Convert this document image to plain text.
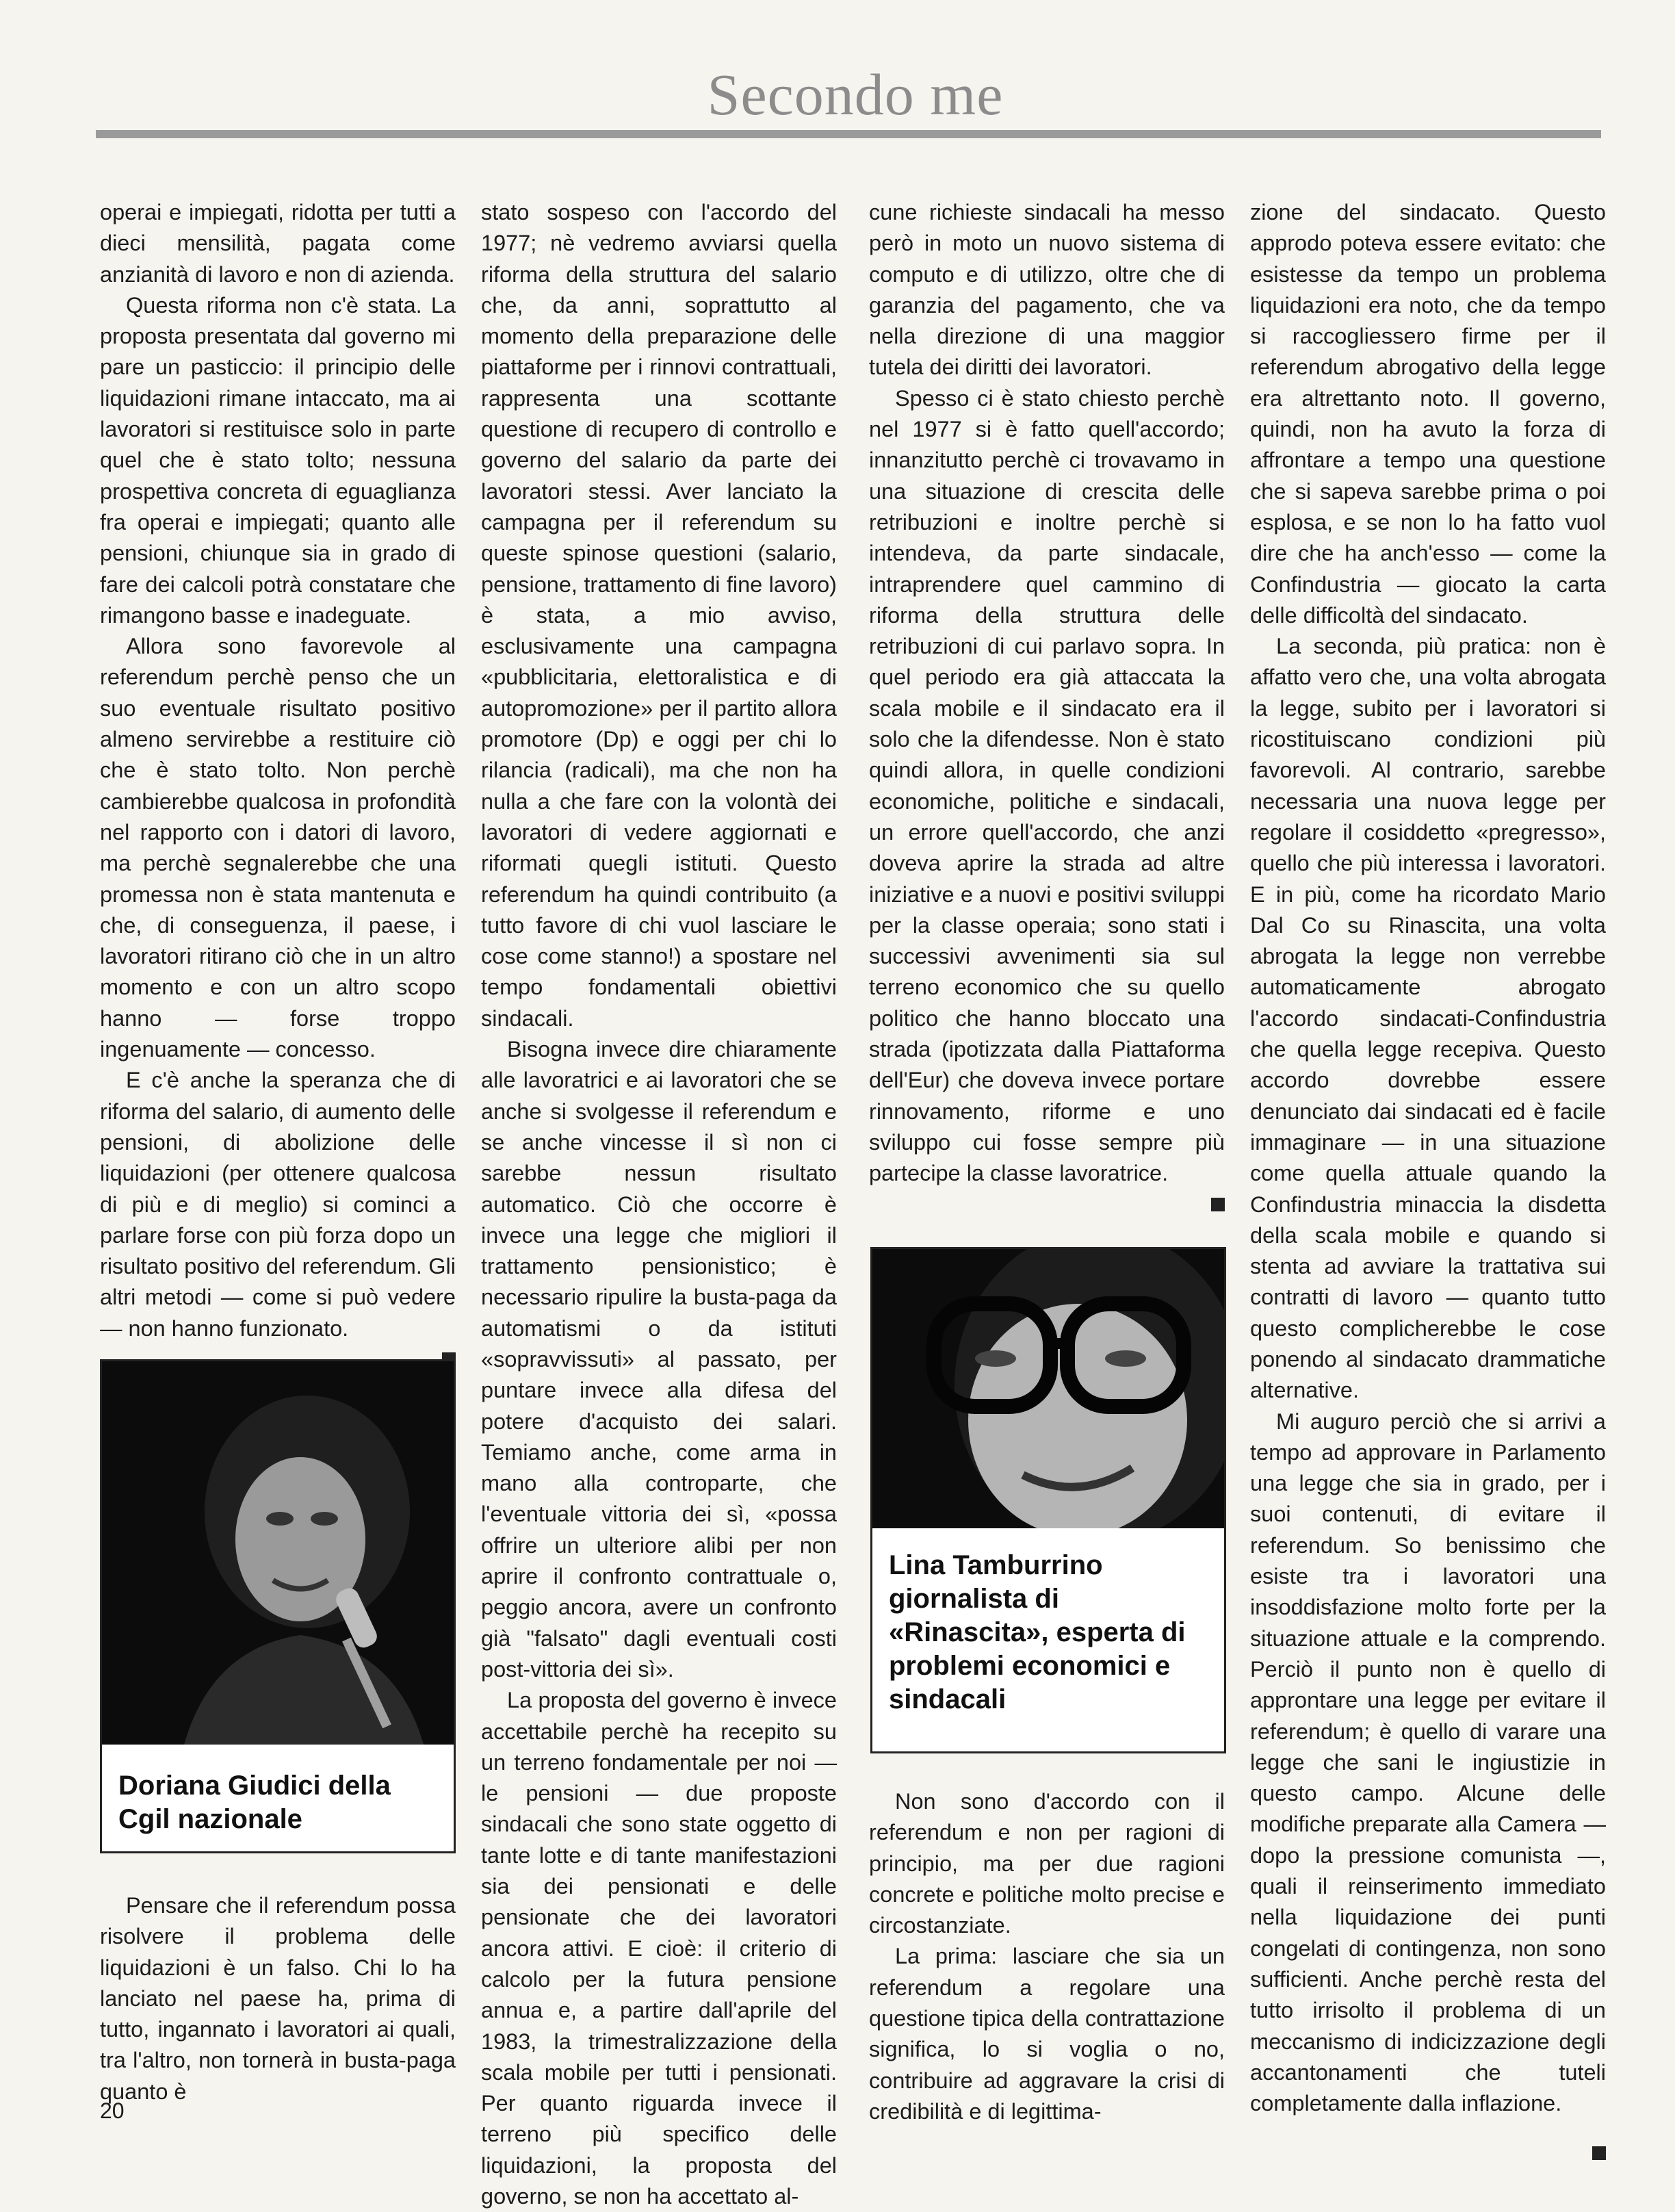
Secondo me

operai e impiegati, ridotta per tutti a dieci mensilità, pagata come anzianità di lavoro e non di azienda.

Questa riforma non c'è stata. La proposta presentata dal governo mi pare un pasticcio: il principio delle liquidazioni rimane intaccato, ma ai lavoratori si restituisce solo in parte quel che è stato tolto; nessuna prospettiva concreta di eguaglianza fra operai e impiegati; quanto alle pensioni, chiunque sia in grado di fare dei calcoli potrà constatare che rimangono basse e inadeguate.

Allora sono favorevole al referendum perchè penso che un suo eventuale risultato positivo almeno servirebbe a restituire ciò che è stato tolto. Non perchè cambierebbe qualcosa in profondità nel rapporto con i datori di lavoro, ma perchè segnalerebbe che una promessa non è stata mantenuta e che, di conseguenza, il paese, i lavoratori ritirano ciò che in un altro momento e con un altro scopo hanno — forse troppo ingenuamente — concesso.

E c'è anche la speranza che di riforma del salario, di aumento delle pensioni, di abolizione delle liquidazioni (per ottenere qualcosa di più e di meglio) si cominci a parlare forse con più forza dopo un risultato positivo del referendum. Gli altri metodi — come si può vedere — non hanno funzionato.

Doriana Giudici della Cgil nazionale

Pensare che il referendum possa risolvere il problema delle liquidazioni è un falso. Chi lo ha lanciato nel paese ha, prima di tutto, ingannato i lavoratori ai quali, tra l'altro, non tornerà in busta-paga quanto è

stato sospeso con l'accordo del 1977; nè vedremo avviarsi quella riforma della struttura del salario che, da anni, soprattutto al momento della preparazione delle piattaforme per i rinnovi contrattuali, rappresenta una scottante questione di recupero di controllo e governo del salario da parte dei lavoratori stessi. Aver lanciato la campagna per il referendum su queste spinose questioni (salario, pensione, trattamento di fine lavoro) è stata, a mio avviso, esclusivamente una campagna «pubblicitaria, elettoralistica e di autopromozione» per il partito allora promotore (Dp) e oggi per chi lo rilancia (radicali), ma che non ha nulla a che fare con la volontà dei lavoratori di vedere aggiornati e riformati quegli istituti. Questo referendum ha quindi contribuito (a tutto favore di chi vuol lasciare le cose come stanno!) a spostare nel tempo fondamentali obiettivi sindacali.

Bisogna invece dire chiaramente alle lavoratrici e ai lavoratori che se anche si svolgesse il referendum e se anche vincesse il sì non ci sarebbe nessun risultato automatico. Ciò che occorre è invece una legge che migliori il trattamento pensionistico; è necessario ripulire la busta-paga da automatismi o da istituti «sopravvissuti» al passato, per puntare invece alla difesa del potere d'acquisto dei salari. Temiamo anche, come arma in mano alla controparte, che l'eventuale vittoria dei sì, «possa offrire un ulteriore alibi per non aprire il confronto contrattuale o, peggio ancora, avere un confronto già "falsato" dagli eventuali costi post-vittoria dei sì».

La proposta del governo è invece accettabile perchè ha recepito su un terreno fondamentale per noi — le pensioni — due proposte sindacali che sono state oggetto di tante lotte e di tante manifestazioni sia dei pensionati e delle pensionate che dei lavoratori ancora attivi. E cioè: il criterio di calcolo per la futura pensione annua e, a partire dall'aprile del 1983, la trimestralizzazione della scala mobile per tutti i pensionati. Per quanto riguarda invece il terreno più specifico delle liquidazioni, la proposta del governo, se non ha accettato al-

cune richieste sindacali ha messo però in moto un nuovo sistema di computo e di utilizzo, oltre che di garanzia del pagamento, che va nella direzione di una maggior tutela dei diritti dei lavoratori.

Spesso ci è stato chiesto perchè nel 1977 si è fatto quell'accordo; innanzitutto perchè ci trovavamo in una situazione di crescita delle retribuzioni e inoltre perchè si intendeva, da parte sindacale, intraprendere quel cammino di riforma della struttura delle retribuzioni di cui parlavo sopra. In quel periodo era già attaccata la scala mobile e il sindacato era il solo che la difendesse. Non è stato quindi allora, in quelle condizioni economiche, politiche e sindacali, un errore quell'accordo, che anzi doveva aprire la strada ad altre iniziative e a nuovi e positivi sviluppi per la classe operaia; sono stati i successivi avvenimenti sia sul terreno economico che su quello politico che hanno bloccato una strada (ipotizzata dalla Piattaforma dell'Eur) che doveva invece portare rinnovamento, riforme e uno sviluppo cui fosse sempre più partecipe la classe lavoratrice.

Lina Tamburrino giornalista di «Rinascita», esperta di problemi economici e sindacali

Non sono d'accordo con il referendum e non per ragioni di principio, ma per due ragioni concrete e politiche molto precise e circostanziate.

La prima: lasciare che sia un referendum a regolare una questione tipica della contrattazione significa, lo si voglia o no, contribuire ad aggravare la crisi di credibilità e di legittima-

zione del sindacato. Questo approdo poteva essere evitato: che esistesse da tempo un problema liquidazioni era noto, che da tempo si raccogliessero firme per il referendum abrogativo della legge era altrettanto noto. Il governo, quindi, non ha avuto la forza di affrontare a tempo una questione che si sapeva sarebbe prima o poi esplosa, e se non lo ha fatto vuol dire che ha anch'esso — come la Confindustria — giocato la carta delle difficoltà del sindacato.

La seconda, più pratica: non è affatto vero che, una volta abrogata la legge, subito per i lavoratori si ricostituiscano condizioni più favorevoli. Al contrario, sarebbe necessaria una nuova legge per regolare il cosiddetto «pregresso», quello che più interessa i lavoratori. E in più, come ha ricordato Mario Dal Co su Rinascita, una volta abrogata la legge non verrebbe automaticamente abrogato l'accordo sindacati-Confindustria che quella legge recepiva. Questo accordo dovrebbe essere denunciato dai sindacati ed è facile immaginare — in una situazione come quella attuale quando la Confindustria minaccia la disdetta della scala mobile e quando si stenta ad avviare la trattativa sui contratti di lavoro — quanto tutto questo complicherebbe le cose ponendo al sindacato drammatiche alternative.

Mi auguro perciò che si arrivi a tempo ad approvare in Parlamento una legge che sia in grado, per i suoi contenuti, di evitare il referendum. So benissimo che esiste tra i lavoratori una insoddisfazione molto forte per la situazione attuale e la comprendo. Perciò il punto non è quello di approntare una legge per evitare il referendum; è quello di varare una legge che sani le ingiustizie in questo campo. Alcune delle modifiche preparate alla Camera — dopo la pressione comunista —, quali il reinserimento immediato nella liquidazione dei punti congelati di contingenza, non sono sufficienti. Anche perchè resta del tutto irrisolto il problema di un meccanismo di indicizzazione degli accantonamenti che tuteli completamente dalla inflazione.

20
